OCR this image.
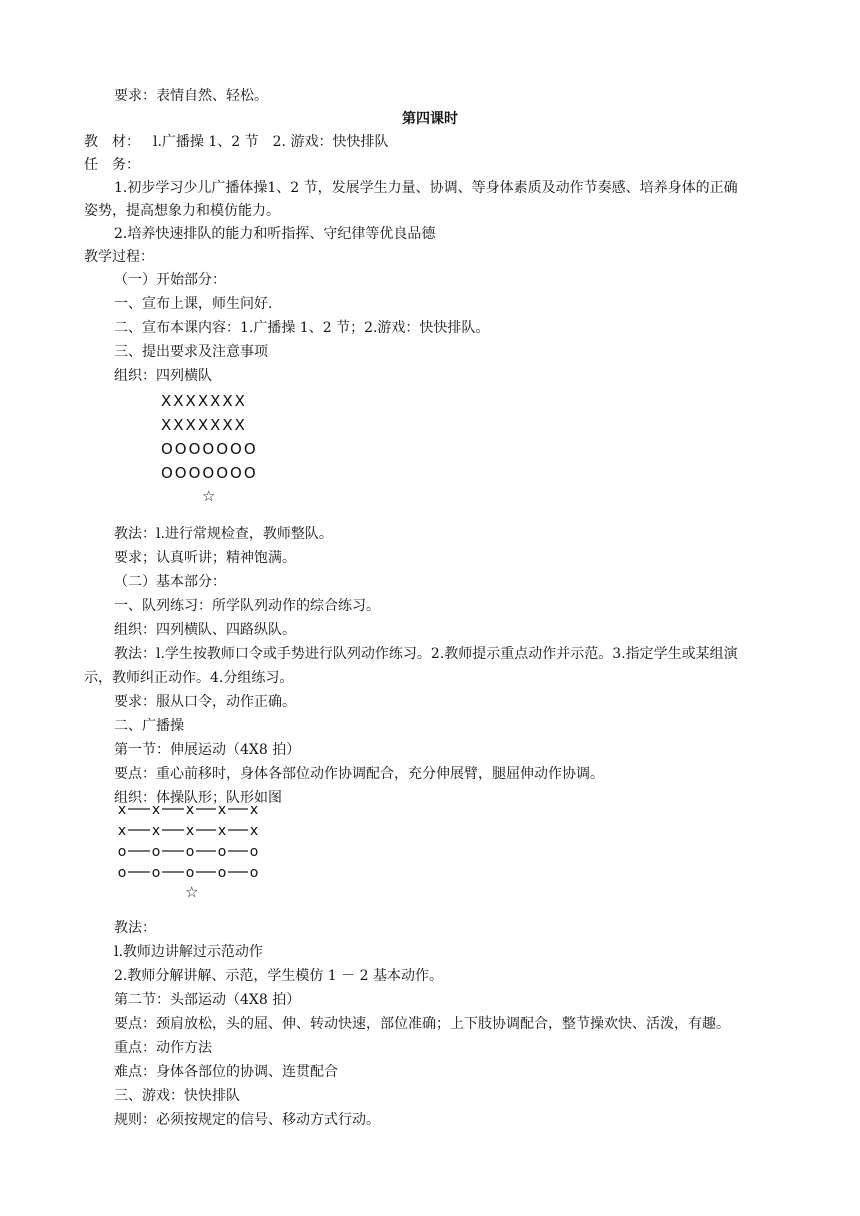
要求：表情自然、轻松。
第四课时
教　材： l.广播操 1、2 节　2. 游戏：快快排队
任　务：
1.初步学习少儿广播体操1、2 节，发展学生力量、协调、等身体素质及动作节奏感、培养身体的正确
姿势，提高想象力和模仿能力。
2.培养快速排队的能力和听指挥、守纪律等优良品德
教学过程：
（一）开始部分：
一、宣布上课，师生问好.
二、宣布本课内容：1.广播操 1、2 节；2.游戏：快快排队。
三、提出要求及注意事项
组织：四列横队
XXXXXXX
XXXXXXX
OOOOOOO
OOOOOOO
☆
教法：l.进行常规检查，教师整队。
要求；认真听讲；精神饱满。
（二）基本部分：
一、队列练习：所学队列动作的综合练习。
组织：四列横队、四路纵队。
教法：l.学生按教师口令或手势进行队列动作练习。2.教师提示重点动作并示范。3.指定学生或某组演
示，教师纠正动作。4.分组练习。
要求：服从口令，动作正确。
二、广播操
第一节：伸展运动（4X8 拍）
要点：重心前移时，身体各部位动作协调配合，充分伸展臂，腿屈伸动作协调。
组织：体操队形；队形如图
x x x x x
x x x x x
o o o o o
o o o o o
☆
教法：
l.教师边讲解过示范动作
2.教师分解讲解、示范，学生模仿 1 － 2 基本动作。
第二节：头部运动（4X8 拍）
要点：颈肩放松，头的屈、伸、转动快速，部位准确；上下肢协调配合，整节操欢快、活泼，有趣。
重点：动作方法
难点：身体各部位的协调、连贯配合
三、游戏：快快排队
规则：必须按规定的信号、移动方式行动。
